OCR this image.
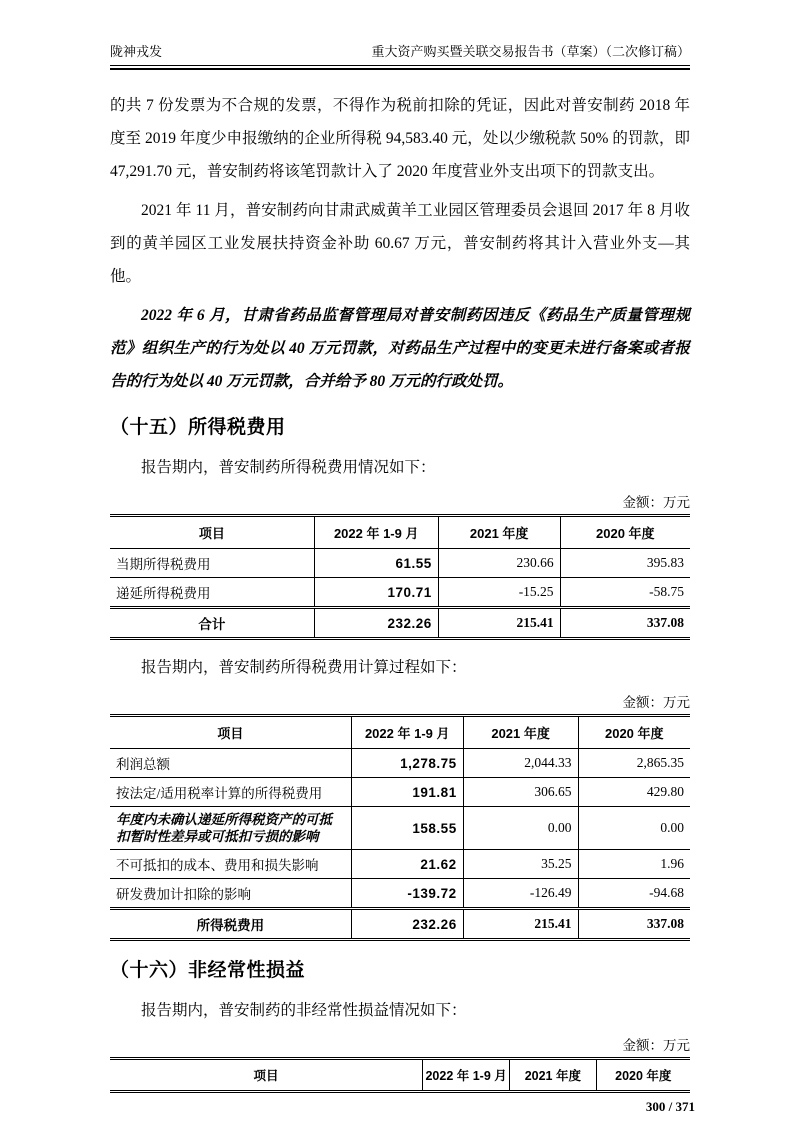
陇神戎发	重大资产购买暨关联交易报告书（草案）（二次修订稿）

的共 7 份发票为不合规的发票，不得作为税前扣除的凭证，因此对普安制药 2018 年度至 2019 年度少申报缴纳的企业所得税 94,583.40 元，处以少缴税款 50% 的罚款，即 47,291.70 元，普安制药将该笔罚款计入了 2020 年度营业外支出项下的罚款支出。

2021 年 11 月，普安制药向甘肃武威黄羊工业园区管理委员会退回 2017 年 8 月收到的黄羊园区工业发展扶持资金补助 60.67 万元，普安制药将其计入营业外支—其他。

2022 年 6 月，甘肃省药品监督管理局对普安制药因违反《药品生产质量管理规范》组织生产的行为处以 40 万元罚款，对药品生产过程中的变更未进行备案或者报告的行为处以 40 万元罚款，合并给予 80 万元的行政处罚。

（十五）所得税费用

报告期内，普安制药所得税费用情况如下：

金额：万元
项目	2022 年 1-9 月	2021 年度	2020 年度
当期所得税费用	61.55	230.66	395.83
递延所得税费用	170.71	-15.25	-58.75
合计	232.26	215.41	337.08

报告期内，普安制药所得税费用计算过程如下：

金额：万元
项目	2022 年 1-9 月	2021 年度	2020 年度
利润总额	1,278.75	2,044.33	2,865.35
按法定/适用税率计算的所得税费用	191.81	306.65	429.80
年度内未确认递延所得税资产的可抵扣暂时性差异或可抵扣亏损的影响	158.55	0.00	0.00
不可抵扣的成本、费用和损失影响	21.62	35.25	1.96
研发费加计扣除的影响	-139.72	-126.49	-94.68
所得税费用	232.26	215.41	337.08
（十六）非经常性损益

报告期内，普安制药的非经常性损益情况如下：

金额：万元
项目	2022 年 1-9 月	2021 年度	2020 年度
300 / 371
